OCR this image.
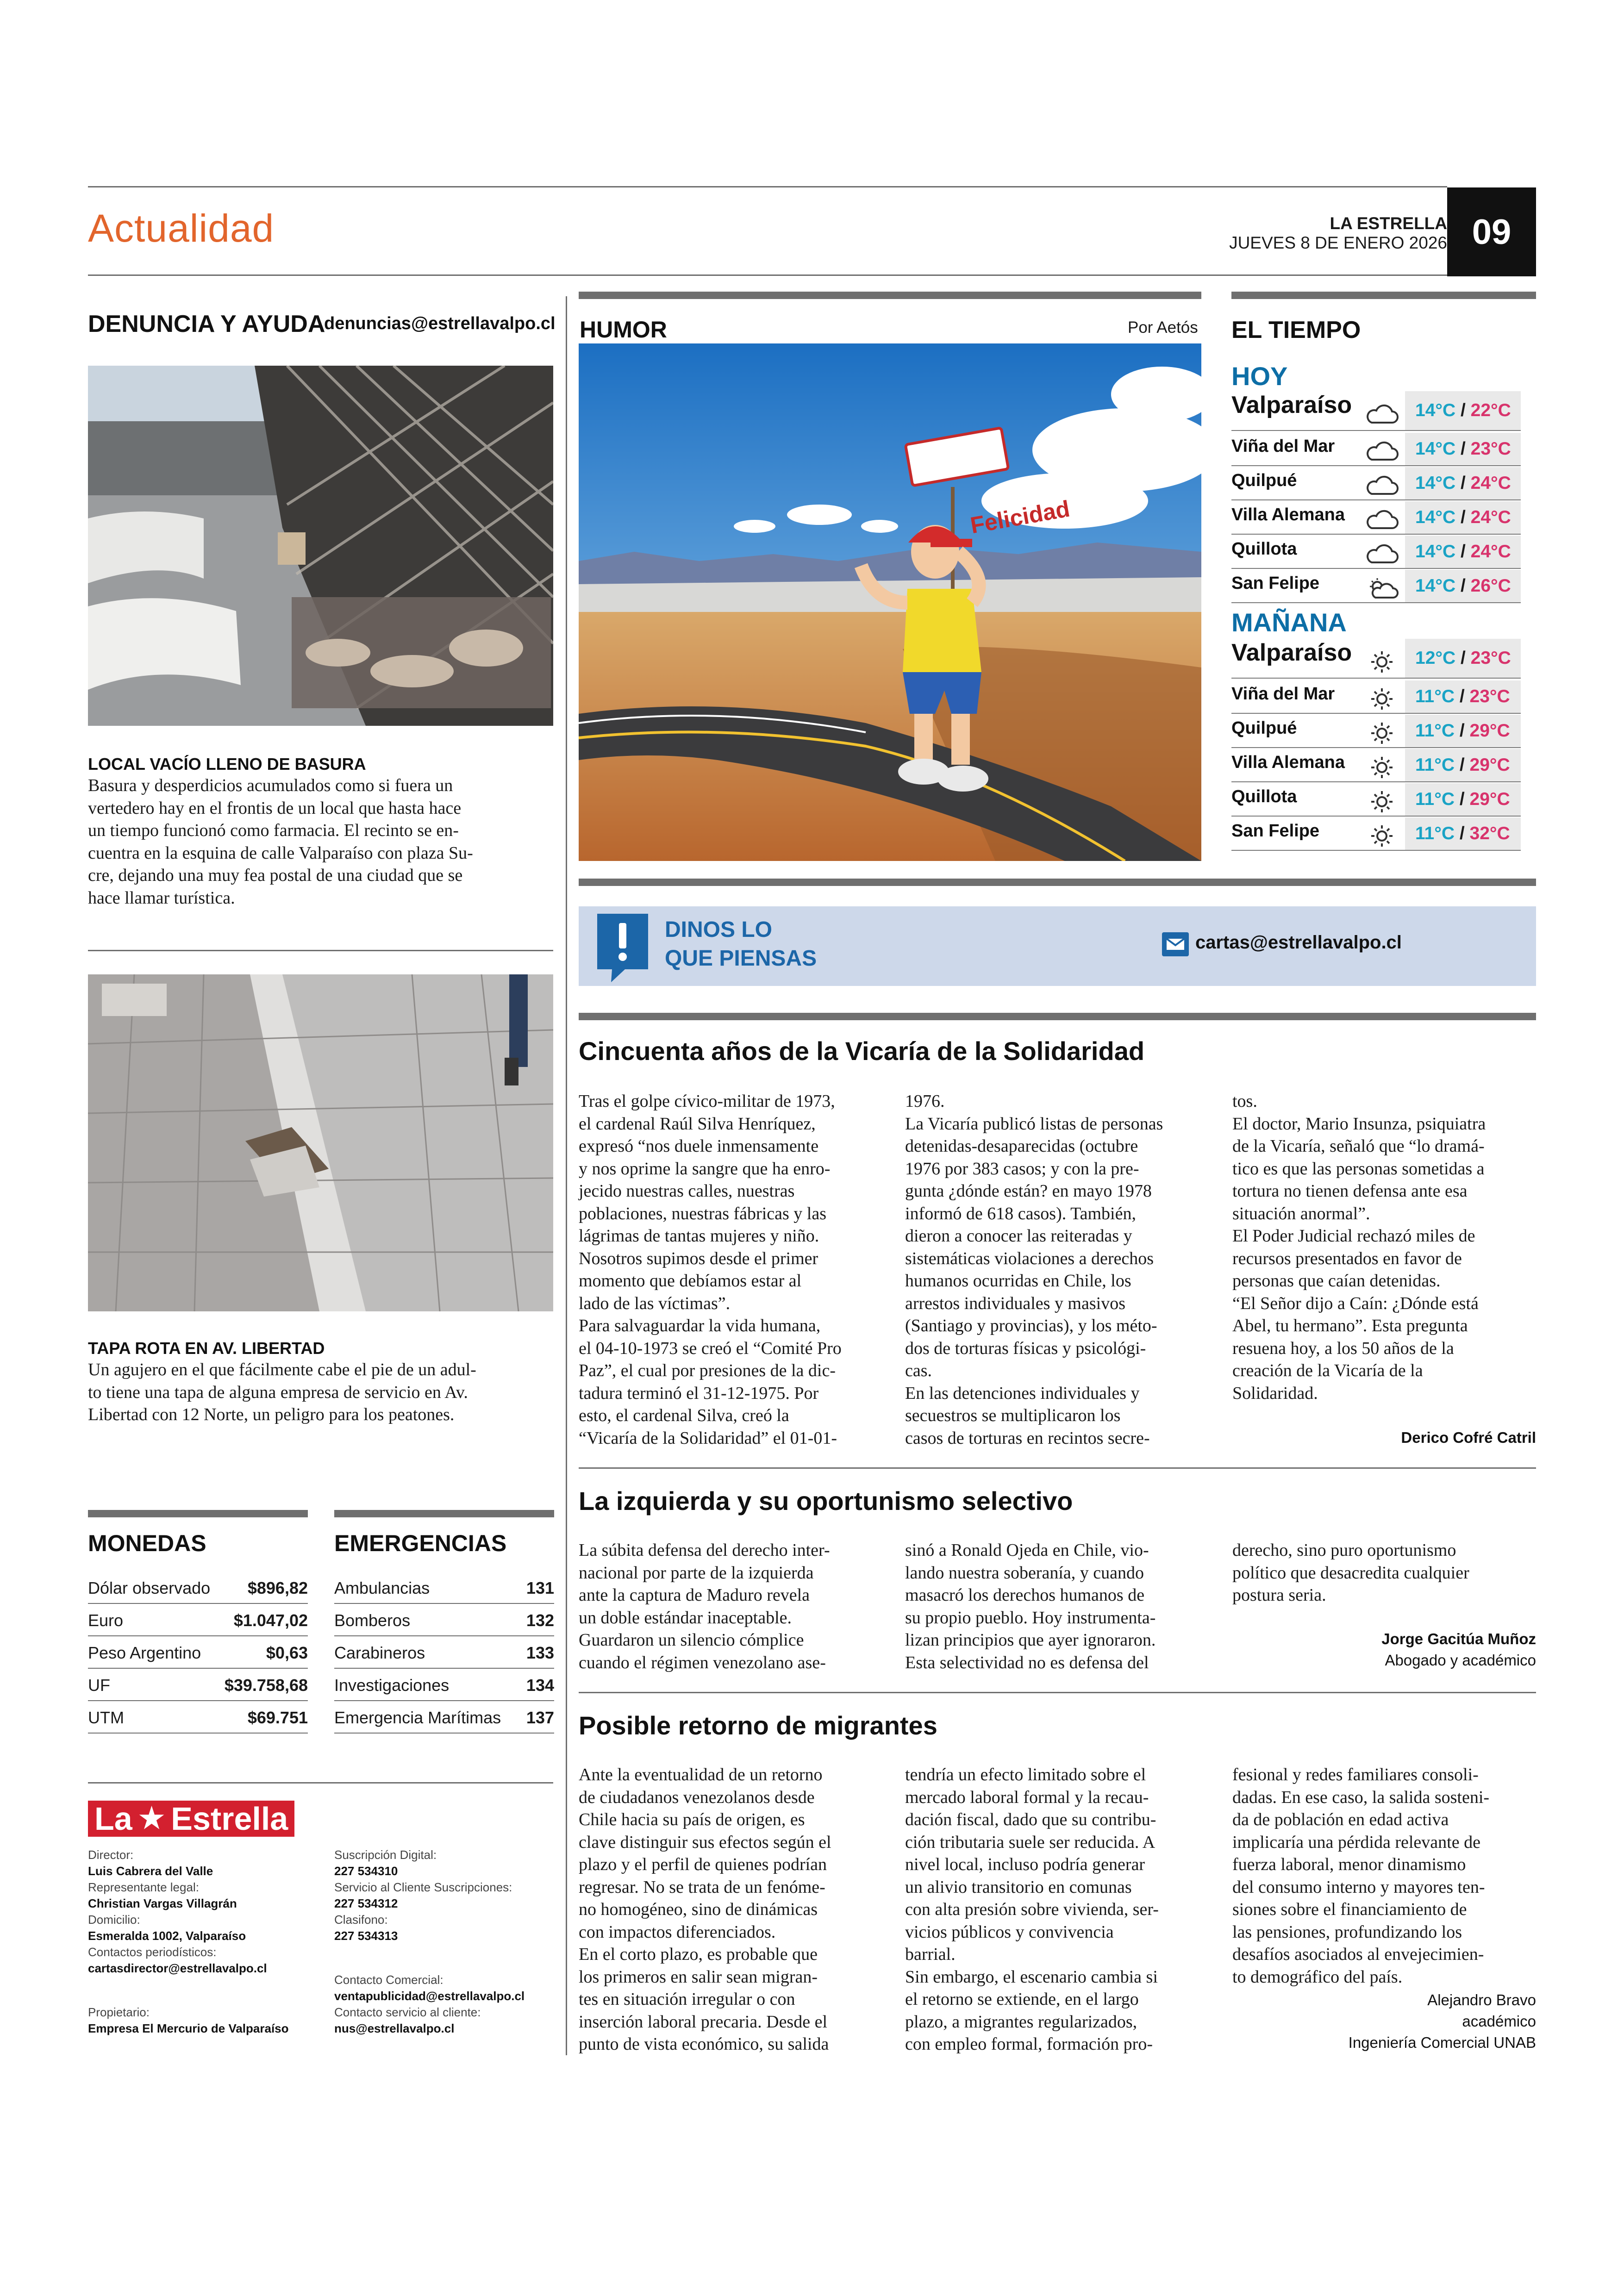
Actualidad	LA ESTRELLA
JUEVES 8 DE ENERO 2026 09
DENUNCIA Y AYUDA
denuncias@estrellavalpo.cl
LOCAL VACÍO LLENO DE BASURA

Basura y desperdicios acumulados como si fuera un

vertedero hay en el frontis de un local que hasta hace

un tiempo funcionó como farmacia. El recinto se en-

cuentra en la esquina de calle Valparaíso con plaza Su-

cre, dejando una muy fea postal de una ciudad que se

hace llamar turística.

TAPA ROTA EN AV. LIBERTAD

Un agujero en el que fácilmente cabe el pie de un adul-

to tiene una tapa de alguna empresa de servicio en Av.

Libertad con 12 Norte, un peligro para los peatones.

MONEDAS
Dólar observado $896,82
Euro	$1.047,02
Peso Argentino	$0,63
UF	$39.758,68
UTM	$69.751
EMERGENCIAS
Ambulancias	131
Bomberos	132
Carabineros	133
Investigaciones	134
Emergencia Marítimas 137
La ★ Estrella
Director:
Luis Cabrera del Valle
Representante legal:
Christian Vargas Villagrán
Domicilio:
Esmeralda 1002, Valparaíso
Contactos periodísticos:
cartasdirector@estrellavalpo.cl
Propietario:
Empresa El Mercurio de Valparaíso
Suscripción Digital:
227 534310
Servicio al Cliente Suscripciones:
227 534312
Clasifono:
227 534313
Contacto Comercial:
ventapublicidad@estrellavalpo.cl
Contacto servicio al cliente:
nus@estrellavalpo.cl
HUMOR	Por Aetós
Felicidad
EL TIEMPO
HOY
Valparaíso	14°C / 22°C
Viña del Mar	14°C / 23°C
Quilpué	14°C / 24°C
Villa Alemana	14°C / 24°C
Quillota	14°C / 24°C
San Felipe	14°C / 26°C
MAÑANA
Valparaíso	12°C / 23°C
Viña del Mar	11°C / 23°C
Quilpué	11°C / 29°C
Villa Alemana	11°C / 29°C
Quillota	11°C / 29°C
San Felipe	11°C / 32°C
DINOS LO
QUE PIENSAS
cartas@estrellavalpo.cl
Cincuenta años de la Vicaría de la Solidaridad

Tras el golpe cívico-militar de 1973,

el cardenal Raúl Silva Henríquez,

expresó “nos duele inmensamente

y nos oprime la sangre que ha enro-

jecido nuestras calles, nuestras

poblaciones, nuestras fábricas y las

lágrimas de tantas mujeres y niño.

Nosotros supimos desde el primer

momento que debíamos estar al

lado de las víctimas”.

Para salvaguardar la vida humana,

el 04-10-1973 se creó el “Comité Pro

Paz”, el cual por presiones de la dic-

tadura terminó el 31-12-1975. Por

esto, el cardenal Silva, creó la

“Vicaría de la Solidaridad” el 01-01-

1976.

La Vicaría publicó listas de personas

detenidas-desaparecidas (octubre

1976 por 383 casos; y con la pre-

gunta ¿dónde están? en mayo 1978

informó de 618 casos). También,

dieron a conocer las reiteradas y

sistemáticas violaciones a derechos

humanos ocurridas en Chile, los

arrestos individuales y masivos

(Santiago y provincias), y los méto-

dos de torturas físicas y psicológi-

cas.

En las detenciones individuales y

secuestros se multiplicaron los

casos de torturas en recintos secre-

tos.

El doctor, Mario Insunza, psiquiatra

de la Vicaría, señaló que “lo dramá-

tico es que las personas sometidas a

tortura no tienen defensa ante esa

situación anormal”.

El Poder Judicial rechazó miles de

recursos presentados en favor de

personas que caían detenidas.

“El Señor dijo a Caín: ¿Dónde está

Abel, tu hermano”. Esta pregunta

resuena hoy, a los 50 años de la

creación de la Vicaría de la

Solidaridad.

Derico Cofré Catril

La izquierda y su oportunismo selectivo

La súbita defensa del derecho inter-

nacional por parte de la izquierda

ante la captura de Maduro revela

un doble estándar inaceptable.

Guardaron un silencio cómplice

cuando el régimen venezolano ase-

sinó a Ronald Ojeda en Chile, vio-

lando nuestra soberanía, y cuando

masacró los derechos humanos de

su propio pueblo. Hoy instrumenta-

lizan principios que ayer ignoraron.

Esta selectividad no es defensa del

derecho, sino puro oportunismo

político que desacredita cualquier

postura seria.

Jorge Gacitúa Muñoz

Abogado y académico

Posible retorno de migrantes

Ante la eventualidad de un retorno

de ciudadanos venezolanos desde

Chile hacia su país de origen, es

clave distinguir sus efectos según el

plazo y el perfil de quienes podrían

regresar. No se trata de un fenóme-

no homogéneo, sino de dinámicas

con impactos diferenciados.

En el corto plazo, es probable que

los primeros en salir sean migran-

tes en situación irregular o con

inserción laboral precaria. Desde el

punto de vista económico, su salida

tendría un efecto limitado sobre el

mercado laboral formal y la recau-

dación fiscal, dado que su contribu-

ción tributaria suele ser reducida. A

nivel local, incluso podría generar

un alivio transitorio en comunas

con alta presión sobre vivienda, ser-

vicios públicos y convivencia

barrial.

Sin embargo, el escenario cambia si

el retorno se extiende, en el largo

plazo, a migrantes regularizados,

con empleo formal, formación pro-

fesional y redes familiares consoli-

dadas. En ese caso, la salida sosteni-

da de población en edad activa

implicaría una pérdida relevante de

fuerza laboral, menor dinamismo

del consumo interno y mayores ten-

siones sobre el financiamiento de

las pensiones, profundizando los

desafíos asociados al envejecimien-

to demográfico del país.

Alejandro Bravo

académico

Ingeniería Comercial UNAB
